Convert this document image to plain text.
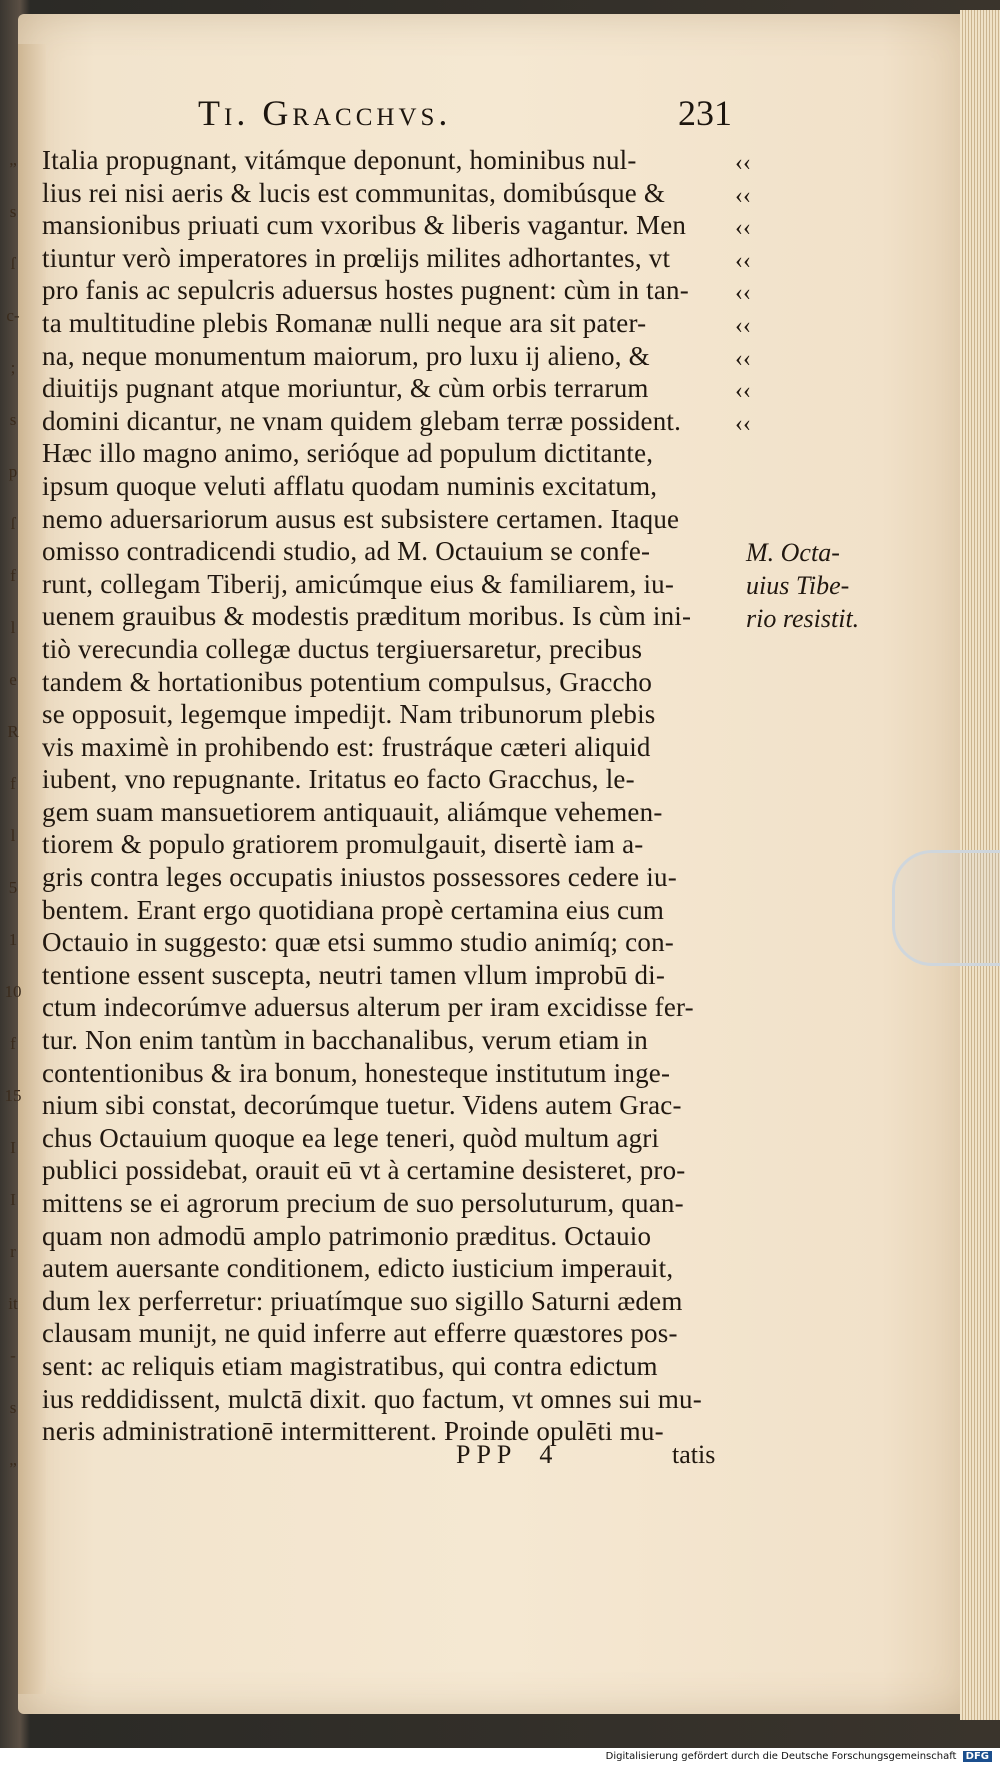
„
s
ſ
c-
;
s
p
ſ
f
l
e
R
f
l
5
1
10
f
15
I
I
r
it
-
s
„
Ti. Gracchvs.	231
Italia propugnant, vitámque deponunt, hominibus nul-
lius rei nisi aeris & lucis est communitas, domibúsque &
mansionibus priuati cum vxoribus & liberis vagantur. Men
tiuntur verò imperatores in prœlijs milites adhortantes, vt
pro fanis ac sepulcris aduersus hostes pugnent: cùm in tan-
ta multitudine plebis Romanæ nulli neque ara sit pater-
na, neque monumentum maiorum, pro luxu ij alieno, &
diuitijs pugnant atque moriuntur, & cùm orbis terrarum
domini dicantur, ne vnam quidem glebam terræ possident.
Hæc illo magno animo, serióque ad populum dictitante,
ipsum quoque veluti afflatu quodam numinis excitatum,
nemo aduersariorum ausus est subsistere certamen. Itaque
omisso contradicendi studio, ad M. Octauium se confe-
runt, collegam Tiberij, amicúmque eius & familiarem, iu-
uenem grauibus & modestis præditum moribus. Is cùm ini-
tiò verecundia collegæ ductus tergiuersaretur, precibus
tandem & hortationibus potentium compulsus, Graccho
se opposuit, legemque impedijt. Nam tribunorum plebis
vis maximè in prohibendo est: frustráque cæteri aliquid
iubent, vno repugnante. Iritatus eo facto Gracchus, le-
gem suam mansuetiorem antiquauit, aliámque vehemen-
tiorem & populo gratiorem promulgauit, disertè iam a-
gris contra leges occupatis iniustos possessores cedere iu-
bentem. Erant ergo quotidiana propè certamina eius cum
Octauio in suggesto: quæ etsi summo studio animíq; con-
tentione essent suscepta, neutri tamen vllum improbū di-
ctum indecorúmve aduersus alterum per iram excidisse fer-
tur. Non enim tantùm in bacchanalibus, verum etiam in
contentionibus & ira bonum, honesteque institutum inge-
nium sibi constat, decorúmque tuetur. Videns autem Grac-
chus Octauium quoque ea lege teneri, quòd multum agri
publici possidebat, orauit eū vt à certamine desisteret, pro-
mittens se ei agrorum precium de suo persoluturum, quan-
quam non admodū amplo patrimonio præditus. Octauio
autem auersante conditionem, edicto iusticium imperauit,
dum lex perferretur: priuatímque suo sigillo Saturni ædem
clausam munijt, ne quid inferre aut efferre quæstores pos-
sent: ac reliquis etiam magistratibus, qui contra edictum
ius reddidissent, mulctā dixit. quo factum, vt omnes sui mu-
neris administrationē intermitterent. Proinde opulēti mu-
‹‹
‹‹
‹‹
‹‹
‹‹
‹‹
‹‹
‹‹
‹‹
M. Octa-
uius Tibe-
rio resistit.
PPP 4	tatis
Digitalisierung gefördert durch die Deutsche Forschungsgemeinschaft DFG
